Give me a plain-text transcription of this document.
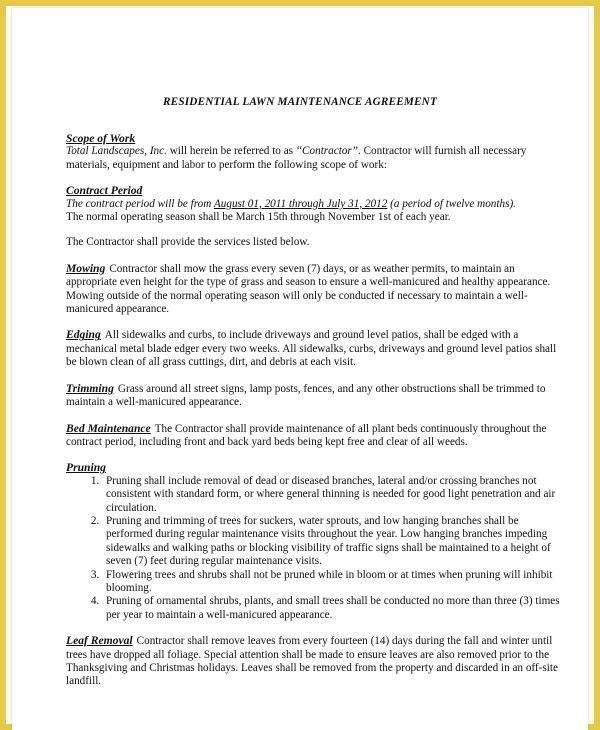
RESIDENTIAL LAWN MAINTENANCE AGREEMENT
Scope of Work

Total Landscapes, Inc. will herein be referred to as “Contractor”. Contractor will furnish all necessary materials, equipment and labor to perform the following scope of work:

Contract Period

The contract period will be from August 01, 2011 through July 31, 2012 (a period of twelve months).

The normal operating season shall be March 15th through November 1st of each year.

The Contractor shall provide the services listed below.

Mowing Contractor shall mow the grass every seven (7) days, or as weather permits, to maintain an appropriate even height for the type of grass and season to ensure a well-manicured and healthy appearance. Mowing outside of the normal operating season will only be conducted if necessary to maintain a well-manicured appearance.

Edging All sidewalks and curbs, to include driveways and ground level patios, shall be edged with a mechanical metal blade edger every two weeks. All sidewalks, curbs, driveways and ground level patios shall be blown clean of all grass cuttings, dirt, and debris at each visit.

Trimming Grass around all street signs, lamp posts, fences, and any other obstructions shall be trimmed to maintain a well-manicured appearance.

Bed Maintenance The Contractor shall provide maintenance of all plant beds continuously throughout the contract period, including front and back yard beds being kept free and clear of all weeds.

Pruning
1. Pruning shall include removal of dead or diseased branches, lateral and/or crossing branches not consistent with standard form, or where general thinning is needed for good light penetration and air circulation.
2. Pruning and trimming of trees for suckers, water sprouts, and low hanging branches shall be performed during regular maintenance visits throughout the year. Low hanging branches impeding sidewalks and walking paths or blocking visibility of traffic signs shall be maintained to a height of seven (7) feet during regular maintenance visits.
3. Flowering trees and shrubs shall not be pruned while in bloom or at times when pruning will inhibit blooming.
4. Pruning of ornamental shrubs, plants, and small trees shall be conducted no more than three (3) times per year to maintain a well-manicured appearance.

Leaf Removal Contractor shall remove leaves from every fourteen (14) days during the fall and winter until trees have dropped all foliage. Special attention shall be made to ensure leaves are also removed prior to the Thanksgiving and Christmas holidays. Leaves shall be removed from the property and discarded in an off-site landfill.
